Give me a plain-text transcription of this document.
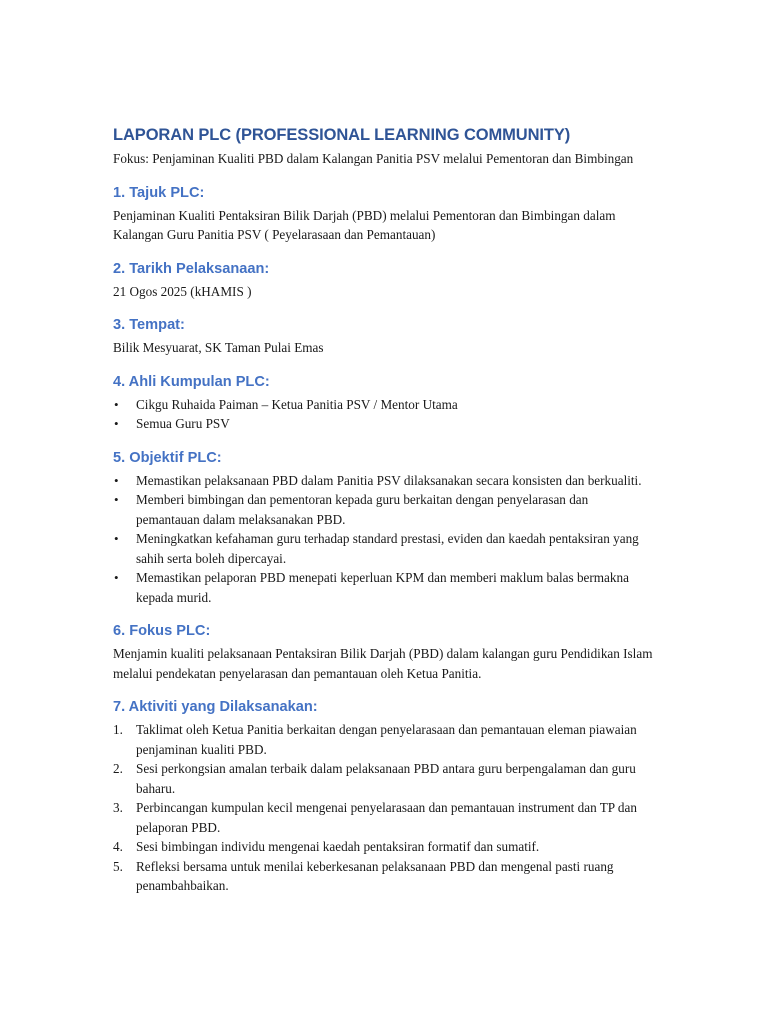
LAPORAN PLC (PROFESSIONAL LEARNING COMMUNITY)

Fokus: Penjaminan Kualiti PBD dalam Kalangan Panitia PSV melalui Pementoran dan Bimbingan

1. Tajuk PLC:

Penjaminan Kualiti Pentaksiran Bilik Darjah (PBD) melalui Pementoran dan Bimbingan dalam Kalangan Guru Panitia PSV ( Peyelarasaan dan Pemantauan)

2. Tarikh Pelaksanaan:

21 Ogos 2025 (kHAMIS )

3. Tempat:

Bilik Mesyuarat, SK Taman Pulai Emas

4. Ahli Kumpulan PLC:
• Cikgu Ruhaida Paiman – Ketua Panitia PSV / Mentor Utama
• Semua Guru PSV
5. Objektif PLC:
• Memastikan pelaksanaan PBD dalam Panitia PSV dilaksanakan secara konsisten dan berkualiti.
• Memberi bimbingan dan pementoran kepada guru berkaitan dengan penyelarasan dan pemantauan dalam melaksanakan PBD.
• Meningkatkan kefahaman guru terhadap standard prestasi, eviden dan kaedah pentaksiran yang sahih serta boleh dipercayai.
• Memastikan pelaporan PBD menepati keperluan KPM dan memberi maklum balas bermakna kepada murid.
6. Fokus PLC:

Menjamin kualiti pelaksanaan Pentaksiran Bilik Darjah (PBD) dalam kalangan guru Pendidikan Islam melalui pendekatan penyelarasan dan pemantauan oleh Ketua Panitia.

7. Aktiviti yang Dilaksanakan:
1. Taklimat oleh Ketua Panitia berkaitan dengan penyelarasaan dan pemantauan eleman piawaian penjaminan kualiti PBD.
2. Sesi perkongsian amalan terbaik dalam pelaksanaan PBD antara guru berpengalaman dan guru baharu.
3. Perbincangan kumpulan kecil mengenai penyelarasaan dan pemantauan instrument dan TP dan pelaporan PBD.
4. Sesi bimbingan individu mengenai kaedah pentaksiran formatif dan sumatif.
5. Refleksi bersama untuk menilai keberkesanan pelaksanaan PBD dan mengenal pasti ruang penambahbaikan.
